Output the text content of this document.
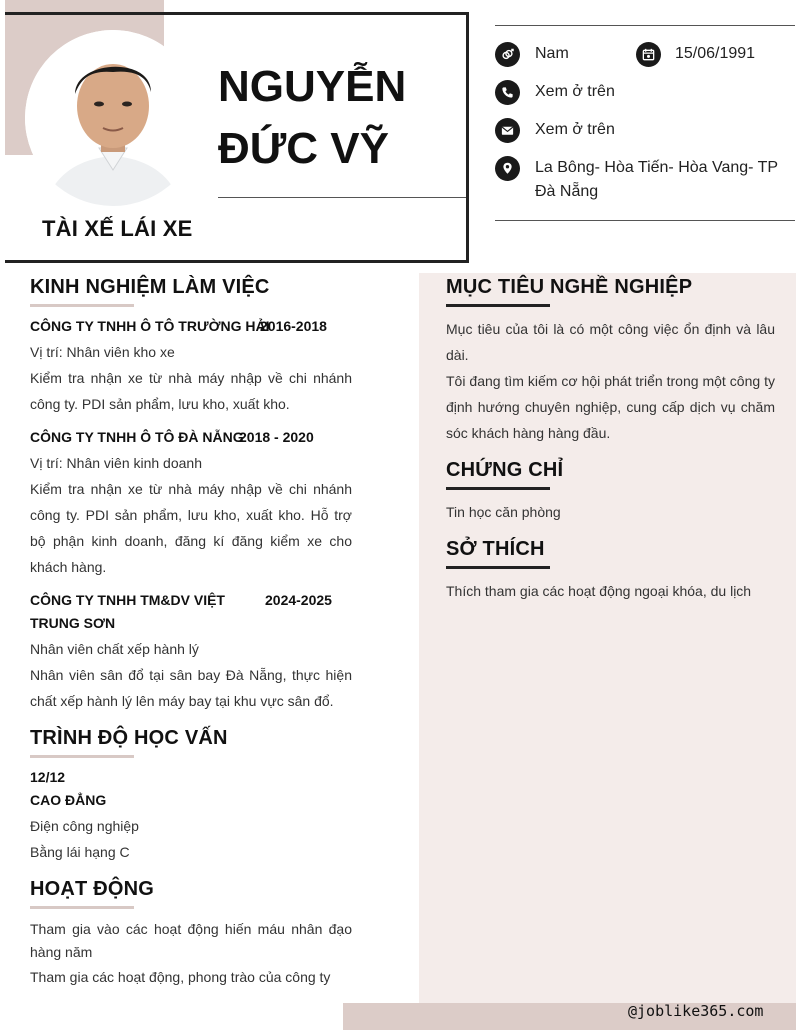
TÀI XẾ LÁI XE
NGUYỄN
ĐỨC VỸ
Nam	15/06/1991
Xem ở trên
Xem ở trên
La Bông- Hòa Tiến- Hòa Vang- TP
Đà Nẵng
KINH NGHIỆM LÀM VIỆC
CÔNG TY TNHH Ô TÔ TRƯỜNG HẢI
2016-2018
Vị trí: Nhân viên kho xe
Kiểm tra nhận xe từ nhà máy nhập về chi nhánh công ty. PDI sản phẩm, lưu kho, xuất kho.
CÔNG TY TNHH Ô TÔ ĐÀ NẴNG
2018 - 2020
Vị trí: Nhân viên kinh doanh
Kiểm tra nhận xe từ nhà máy nhập về chi nhánh công ty. PDI sản phẩm, lưu kho, xuất kho. Hỗ trợ bộ phận kinh doanh, đăng kí đăng kiểm xe cho khách hàng.
CÔNG TY TNHH TM&DV VIỆT
TRUNG SƠN
2024-2025
Nhân viên chất xếp hành lý
Nhân viên sân đổ tại sân bay Đà Nẵng, thực hiện chất xếp hành lý lên máy bay tại khu vực sân đổ.
TRÌNH ĐỘ HỌC VẤN
12/12
CAO ĐẲNG
Điện công nghiệp
Bằng lái hạng C
HOẠT ĐỘNG
Tham gia vào các hoạt động hiến máu nhân đạo hàng năm
Tham gia các hoạt động, phong trào của công ty
MỤC TIÊU NGHỀ NGHIỆP
Mục tiêu của tôi là có một công việc ổn định và lâu dài.
Tôi đang tìm kiếm cơ hội phát triển trong một công ty định hướng chuyên nghiệp, cung cấp dịch vụ chăm sóc khách hàng hàng đầu.
CHỨNG CHỈ
Tin học căn phòng
SỞ THÍCH
Thích tham gia các hoạt động ngoại khóa, du lịch
@joblike365.com
